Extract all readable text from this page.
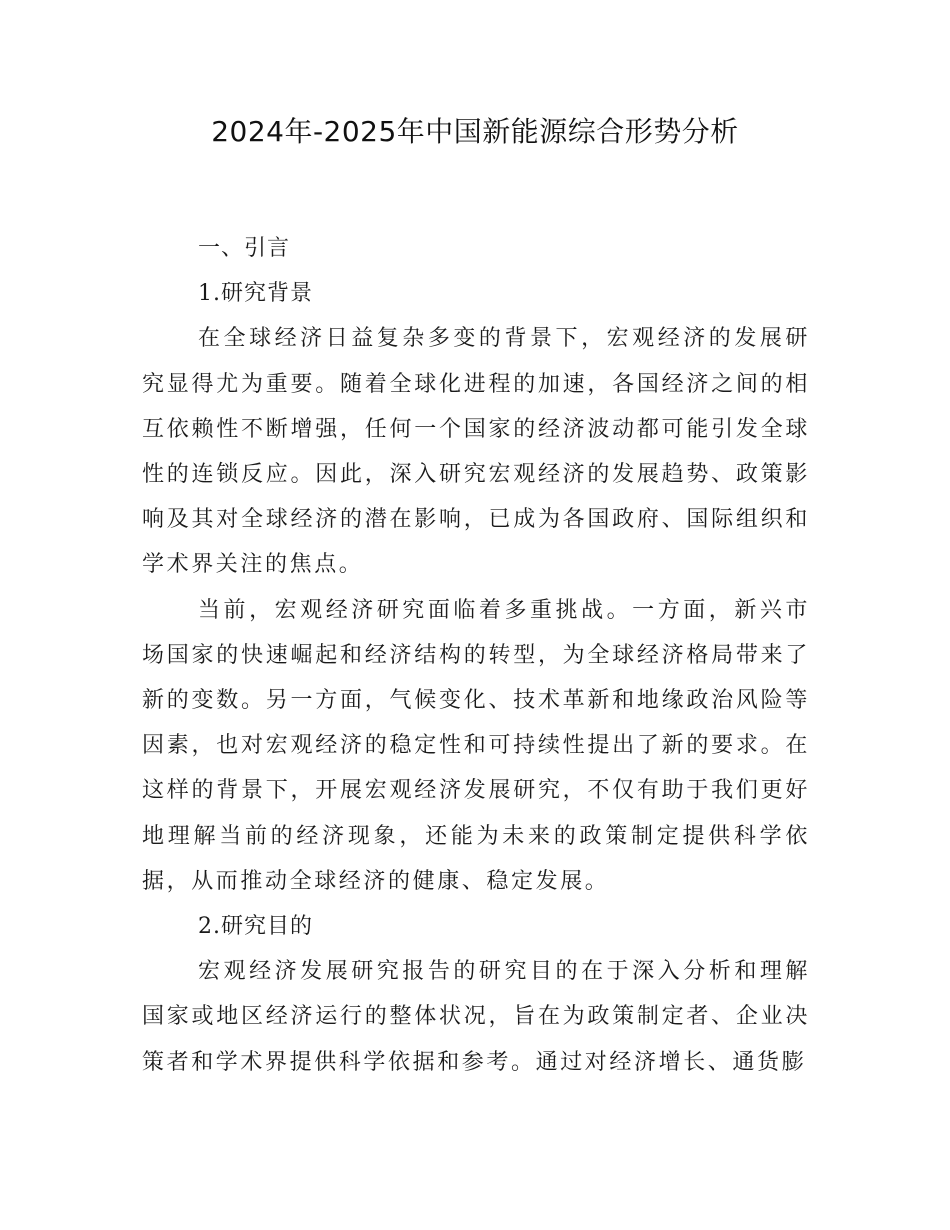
2024年-2025年中国新能源综合形势分析

一、引言

1.研究背景

在全球经济日益复杂多变的背景下，宏观经济的发展研究显得尤为重要。随着全球化进程的加速，各国经济之间的相互依赖性不断增强，任何一个国家的经济波动都可能引发全球性的连锁反应。因此，深入研究宏观经济的发展趋势、政策影响及其对全球经济的潜在影响，已成为各国政府、国际组织和学术界关注的焦点。

当前，宏观经济研究面临着多重挑战。一方面，新兴市场国家的快速崛起和经济结构的转型，为全球经济格局带来了新的变数。另一方面，气候变化、技术革新和地缘政治风险等因素，也对宏观经济的稳定性和可持续性提出了新的要求。在这样的背景下，开展宏观经济发展研究，不仅有助于我们更好地理解当前的经济现象，还能为未来的政策制定提供科学依据，从而推动全球经济的健康、稳定发展。

2.研究目的

宏观经济发展研究报告的研究目的在于深入分析和理解国家或地区经济运行的整体状况，旨在为政策制定者、企业决策者和学术界提供科学依据和参考。通过对经济增长、通货膨
